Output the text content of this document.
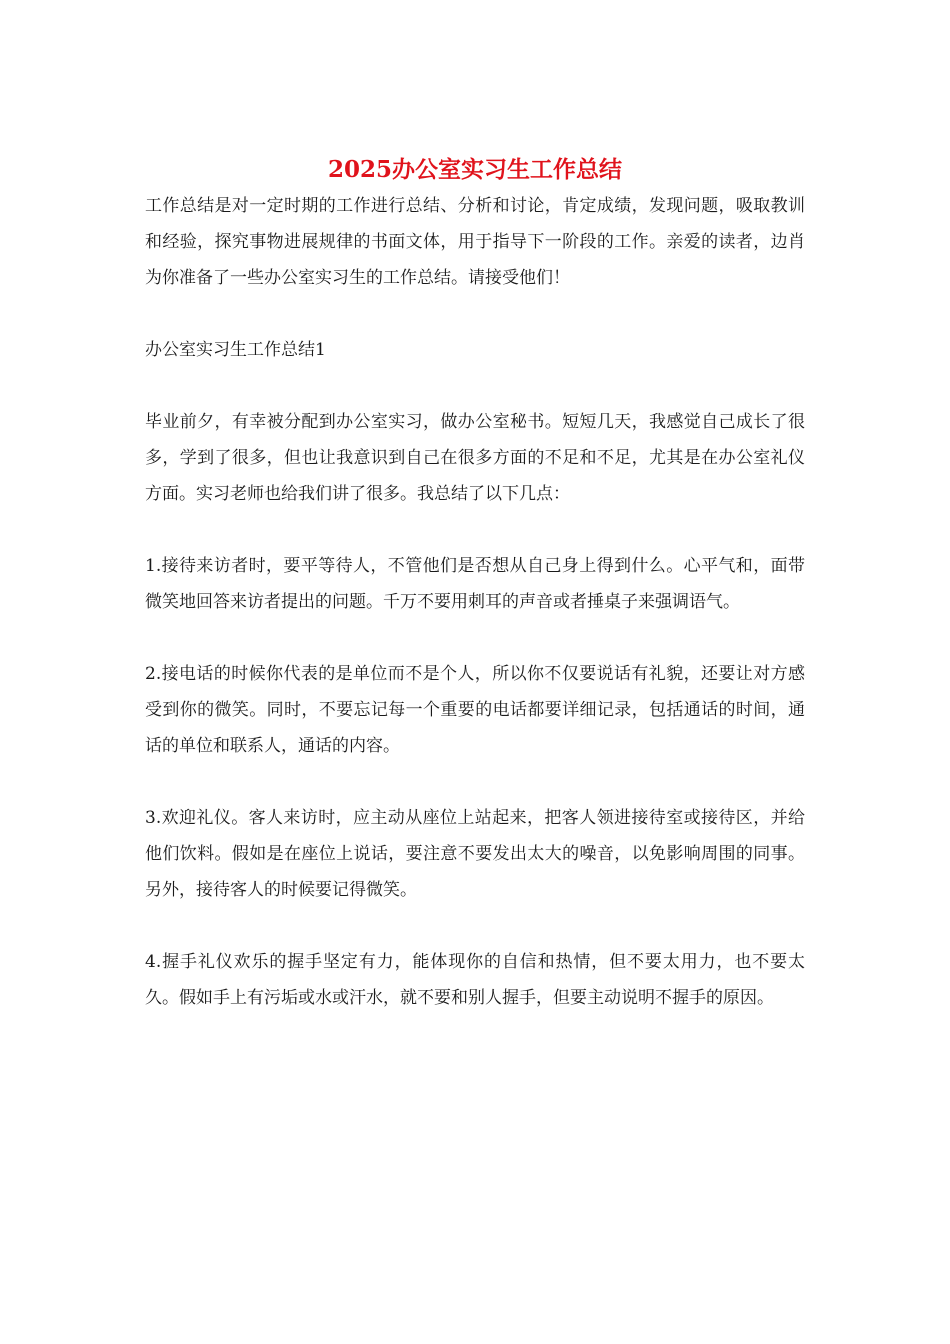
2025办公室实习生工作总结

工作总结是对一定时期的工作进行总结、分析和讨论，肯定成绩，发现问题，吸取教训和经验，探究事物进展规律的书面文体，用于指导下一阶段的工作。亲爱的读者，边肖为你准备了一些办公室实习生的工作总结。请接受他们！

办公室实习生工作总结1

毕业前夕，有幸被分配到办公室实习，做办公室秘书。短短几天，我感觉自己成长了很多，学到了很多，但也让我意识到自己在很多方面的不足和不足，尤其是在办公室礼仪方面。实习老师也给我们讲了很多。我总结了以下几点：

1.接待来访者时，要平等待人，不管他们是否想从自己身上得到什么。心平气和，面带微笑地回答来访者提出的问题。千万不要用刺耳的声音或者捶桌子来强调语气。

2.接电话的时候你代表的是单位而不是个人，所以你不仅要说话有礼貌，还要让对方感受到你的微笑。同时，不要忘记每一个重要的电话都要详细记录，包括通话的时间，通话的单位和联系人，通话的内容。

3.欢迎礼仪。客人来访时，应主动从座位上站起来，把客人领进接待室或接待区，并给他们饮料。假如是在座位上说话，要注意不要发出太大的噪音，以免影响周围的同事。另外，接待客人的时候要记得微笑。

4.握手礼仪欢乐的握手坚定有力，能体现你的自信和热情，但不要太用力，也不要太久。假如手上有污垢或水或汗水，就不要和别人握手，但要主动说明不握手的原因。
